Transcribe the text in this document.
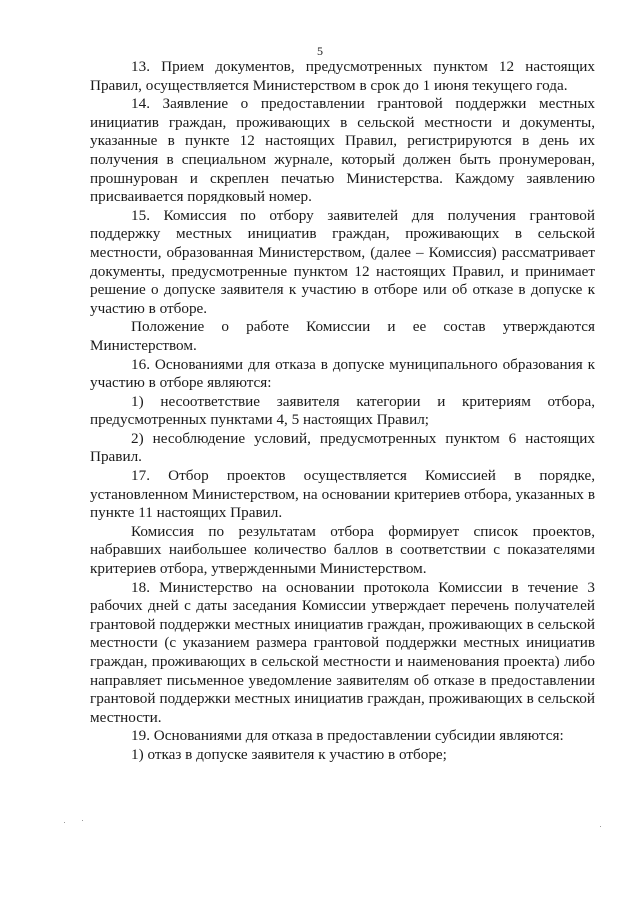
5

13. Прием документов, предусмотренных пунктом 12 настоящих Правил, осуществляется Министерством в срок до 1 июня текущего года.

14. Заявление о предоставлении грантовой поддержки местных инициатив граждан, проживающих в сельской местности и документы, указанные в пункте 12 настоящих Правил, регистрируются в день их получения в специальном журнале, который должен быть пронумерован, прошнурован и скреплен печатью Министерства. Каждому заявлению присваивается порядковый номер.

15. Комиссия по отбору заявителей для получения грантовой поддержку местных инициатив граждан, проживающих в сельской местности, образованная Министерством, (далее – Комиссия) рассматривает документы, предусмотренные пунктом 12 настоящих Правил, и принимает решение о допуске заявителя к участию в отборе или об отказе в допуске к участию в отборе.

Положение о работе Комиссии и ее состав утверждаются Министерством.

16. Основаниями для отказа в допуске муниципального образования к участию в отборе являются:

1) несоответствие заявителя категории и критериям отбора, предусмотренных пунктами 4, 5 настоящих Правил;

2) несоблюдение условий, предусмотренных пунктом 6 настоящих Правил.

17. Отбор проектов осуществляется Комиссией в порядке, установленном Министерством, на основании критериев отбора, указанных в пункте 11 настоящих Правил.

Комиссия по результатам отбора формирует список проектов, набравших наибольшее количество баллов в соответствии с показателями критериев отбора, утвержденными Министерством.

18. Министерство на основании протокола Комиссии в течение 3 рабочих дней с даты заседания Комиссии утверждает перечень получателей грантовой поддержки местных инициатив граждан, проживающих в сельской местности (с указанием размера грантовой поддержки местных инициатив граждан, проживающих в сельской местности и наименования проекта) либо направляет письменное уведомление заявителям об отказе в предоставлении грантовой поддержки местных инициатив граждан, проживающих в сельской местности.

19. Основаниями для отказа в предоставлении субсидии являются:

1) отказ в допуске заявителя к участию в отборе;
